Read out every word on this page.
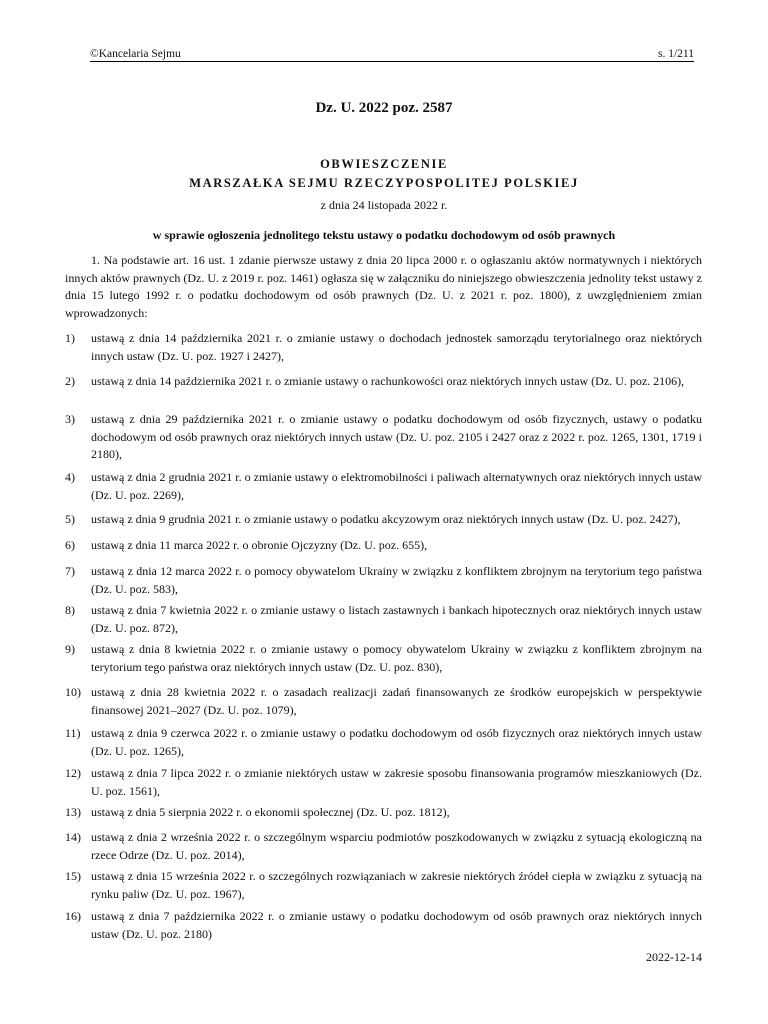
©Kancelaria Sejmu	s. 1/211
Dz. U. 2022 poz. 2587
OBWIESZCZENIE
MARSZAŁKA SEJMU RZECZYPOSPOLITEJ POLSKIEJ
z dnia 24 listopada 2022 r.
w sprawie ogłoszenia jednolitego tekstu ustawy o podatku dochodowym od osób prawnych
1. Na podstawie art. 16 ust. 1 zdanie pierwsze ustawy z dnia 20 lipca 2000 r. o ogłaszaniu aktów normatywnych i niektórych innych aktów prawnych (Dz. U. z 2019 r. poz. 1461) ogłasza się w załączniku do niniejszego obwieszczenia jednolity tekst ustawy z dnia 15 lutego 1992 r. o podatku dochodowym od osób prawnych (Dz. U. z 2021 r. poz. 1800), z uwzględnieniem zmian wprowadzonych:
1) ustawą z dnia 14 października 2021 r. o zmianie ustawy o dochodach jednostek samorządu terytorialnego oraz niektórych innych ustaw (Dz. U. poz. 1927 i 2427),
2) ustawą z dnia 14 października 2021 r. o zmianie ustawy o rachunkowości oraz niektórych innych ustaw (Dz. U. poz. 2106),
3) ustawą z dnia 29 października 2021 r. o zmianie ustawy o podatku dochodowym od osób fizycznych, ustawy o podatku dochodowym od osób prawnych oraz niektórych innych ustaw (Dz. U. poz. 2105 i 2427 oraz z 2022 r. poz. 1265, 1301, 1719 i 2180),
4) ustawą z dnia 2 grudnia 2021 r. o zmianie ustawy o elektromobilności i paliwach alternatywnych oraz niektórych innych ustaw (Dz. U. poz. 2269),
5) ustawą z dnia 9 grudnia 2021 r. o zmianie ustawy o podatku akcyzowym oraz niektórych innych ustaw (Dz. U. poz. 2427),
6) ustawą z dnia 11 marca 2022 r. o obronie Ojczyzny (Dz. U. poz. 655),
7) ustawą z dnia 12 marca 2022 r. o pomocy obywatelom Ukrainy w związku z konfliktem zbrojnym na terytorium tego państwa (Dz. U. poz. 583),
8) ustawą z dnia 7 kwietnia 2022 r. o zmianie ustawy o listach zastawnych i bankach hipotecznych oraz niektórych innych ustaw (Dz. U. poz. 872),
9) ustawą z dnia 8 kwietnia 2022 r. o zmianie ustawy o pomocy obywatelom Ukrainy w związku z konfliktem zbrojnym na terytorium tego państwa oraz niektórych innych ustaw (Dz. U. poz. 830),
10) ustawą z dnia 28 kwietnia 2022 r. o zasadach realizacji zadań finansowanych ze środków europejskich w perspektywie finansowej 2021–2027 (Dz. U. poz. 1079),
11) ustawą z dnia 9 czerwca 2022 r. o zmianie ustawy o podatku dochodowym od osób fizycznych oraz niektórych innych ustaw (Dz. U. poz. 1265),
12) ustawą z dnia 7 lipca 2022 r. o zmianie niektórych ustaw w zakresie sposobu finansowania programów mieszkaniowych (Dz. U. poz. 1561),
13) ustawą z dnia 5 sierpnia 2022 r. o ekonomii społecznej (Dz. U. poz. 1812),
14) ustawą z dnia 2 września 2022 r. o szczególnym wsparciu podmiotów poszkodowanych w związku z sytuacją ekologiczną na rzece Odrze (Dz. U. poz. 2014),
15) ustawą z dnia 15 września 2022 r. o szczególnych rozwiązaniach w zakresie niektórych źródeł ciepła w związku z sytuacją na rynku paliw (Dz. U. poz. 1967),
16) ustawą z dnia 7 października 2022 r. o zmianie ustawy o podatku dochodowym od osób prawnych oraz niektórych innych ustaw (Dz. U. poz. 2180)
2022-12-14
